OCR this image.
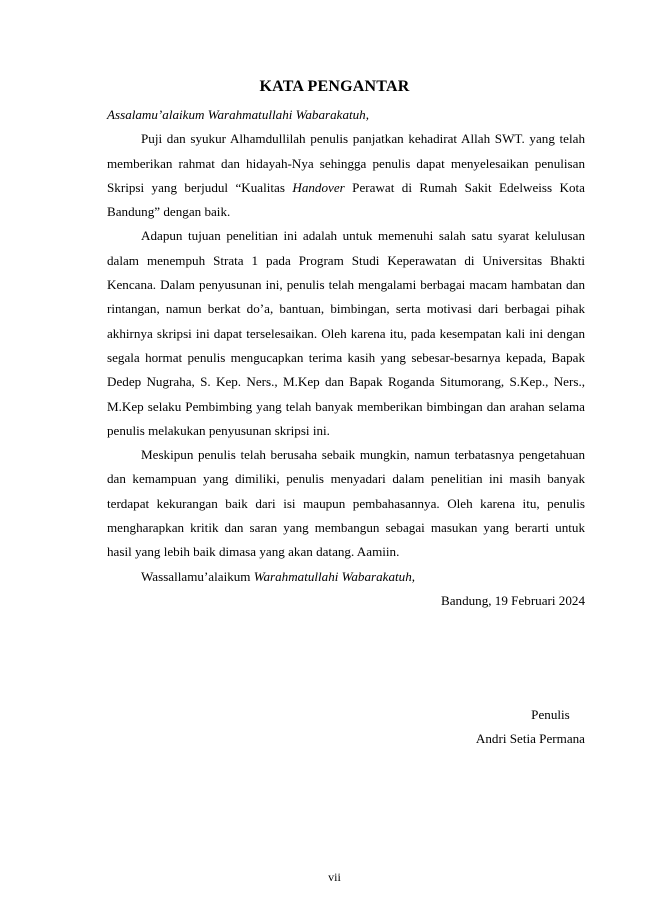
KATA PENGANTAR
Assalamu’alaikum Warahmatullahi Wabarakatuh,

Puji dan syukur Alhamdullilah penulis panjatkan kehadirat Allah SWT. yang telah memberikan rahmat dan hidayah-Nya sehingga penulis dapat menyelesaikan penulisan Skripsi yang berjudul “Kualitas Handover Perawat di Rumah Sakit Edelweiss Kota Bandung” dengan baik.

Adapun tujuan penelitian ini adalah untuk memenuhi salah satu syarat kelulusan dalam menempuh Strata 1 pada Program Studi Keperawatan di Universitas Bhakti Kencana. Dalam penyusunan ini, penulis telah mengalami berbagai macam hambatan dan rintangan, namun berkat do’a, bantuan, bimbingan, serta motivasi dari berbagai pihak akhirnya skripsi ini dapat terselesaikan. Oleh karena itu, pada kesempatan kali ini dengan segala hormat penulis mengucapkan terima kasih yang sebesar-besarnya kepada, Bapak Dedep Nugraha, S. Kep. Ners., M.Kep dan Bapak Roganda Situmorang, S.Kep., Ners., M.Kep selaku Pembimbing yang telah banyak memberikan bimbingan dan arahan selama penulis melakukan penyusunan skripsi ini.

Meskipun penulis telah berusaha sebaik mungkin, namun terbatasnya pengetahuan dan kemampuan yang dimiliki, penulis menyadari dalam penelitian ini masih banyak terdapat kekurangan baik dari isi maupun pembahasannya. Oleh karena itu, penulis mengharapkan kritik dan saran yang membangun sebagai masukan yang berarti untuk hasil yang lebih baik dimasa yang akan datang. Aamiin.

Wassallamu’alaikum Warahmatullahi Wabarakatuh,
Bandung, 19 Februari 2024
Penulis
Andri Setia Permana
vii
